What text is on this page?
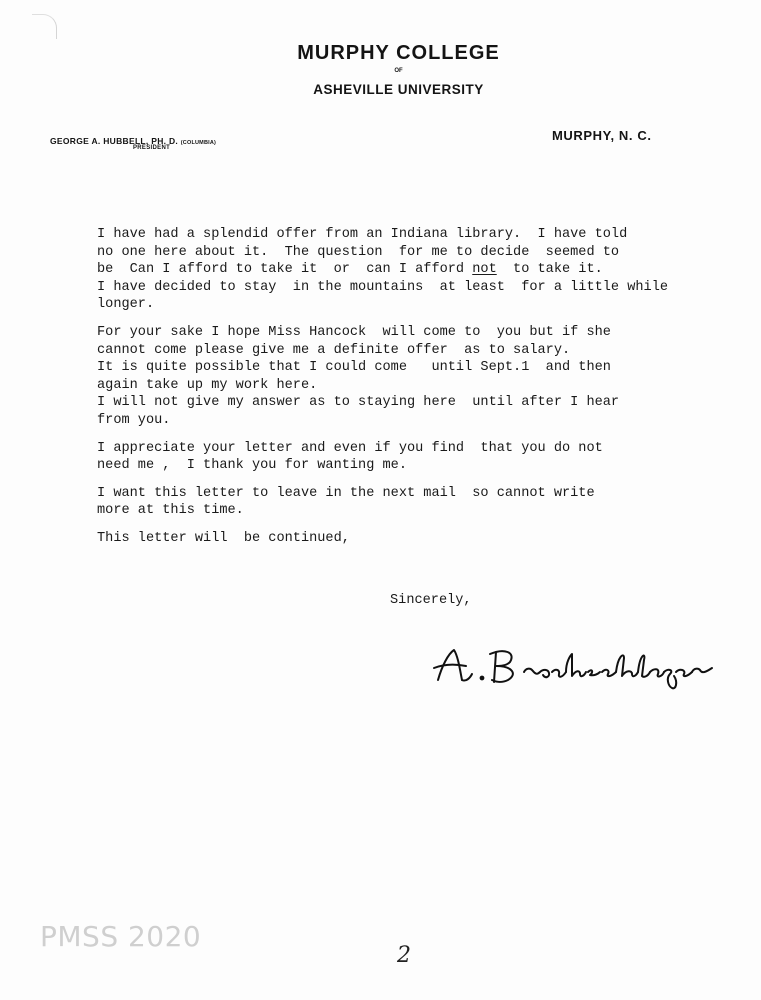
MURPHY COLLEGE
OF
ASHEVILLE UNIVERSITY
GEORGE A. HUBBELL, PH. D. (COLUMBIA)
PRESIDENT
MURPHY, N. C.
I have had a splendid offer from an Indiana library.  I have told
no one here about it.  The question  for me to decide  seemed to
be  Can I afford to take it  or  can I afford not  to take it.
I have decided to stay  in the mountains  at least  for a little while
longer.
For your sake I hope Miss Hancock  will come to  you but if she
cannot come please give me a definite offer  as to salary.
It is quite possible that I could come   until Sept.1  and then
again take up my work here.
I will not give my answer as to staying here  until after I hear
from you.
I appreciate your letter and even if you find  that you do not
need me ,  I thank you for wanting me.
I want this letter to leave in the next mail  so cannot write
more at this time.
This letter will  be continued,
Sincerely,
PMSS 2020
2
